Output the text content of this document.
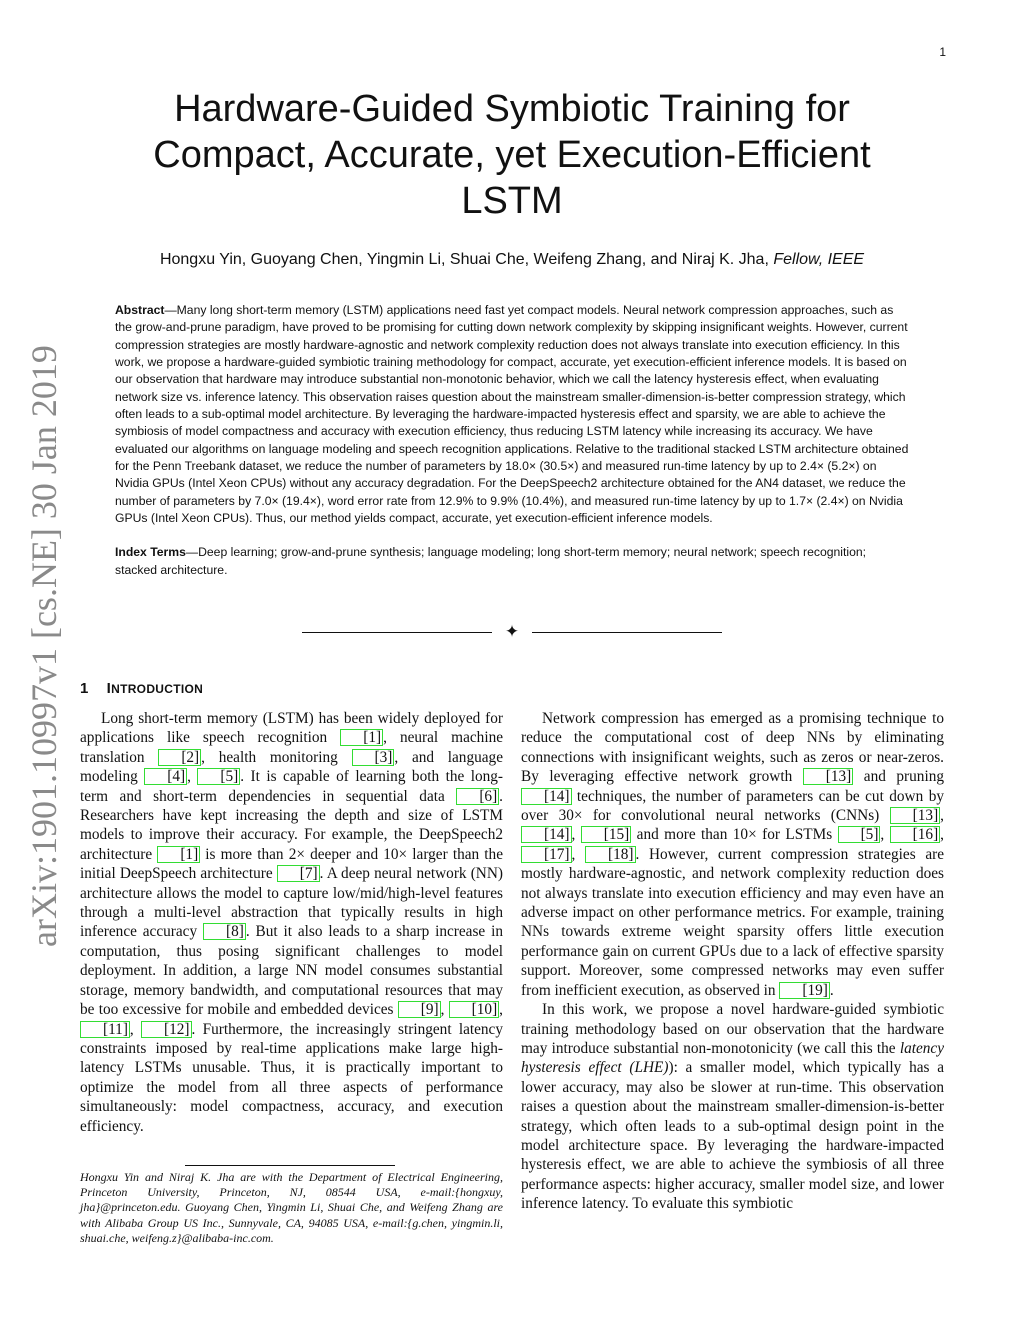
1
arXiv:1901.10997v1 [cs.NE] 30 Jan 2019
Hardware-Guided Symbiotic Training for
Compact, Accurate, yet Execution-Efficient
LSTM
Hongxu Yin, Guoyang Chen, Yingmin Li, Shuai Che, Weifeng Zhang, and Niraj K. Jha, Fellow, IEEE

Abstract—Many long short-term memory (LSTM) applications need fast yet compact models. Neural network compression approaches, such as the grow-and-prune paradigm, have proved to be promising for cutting down network complexity by skipping insignificant weights. However, current compression strategies are mostly hardware-agnostic and network complexity reduction does not always translate into execution efficiency. In this work, we propose a hardware-guided symbiotic training methodology for compact, accurate, yet execution-efficient inference models. It is based on our observation that hardware may introduce substantial non-monotonic behavior, which we call the latency hysteresis effect, when evaluating network size vs. inference latency. This observation raises question about the mainstream smaller-dimension-is-better compression strategy, which often leads to a sub-optimal model architecture. By leveraging the hardware-impacted hysteresis effect and sparsity, we are able to achieve the symbiosis of model compactness and accuracy with execution efficiency, thus reducing LSTM latency while increasing its accuracy. We have evaluated our algorithms on language modeling and speech recognition applications. Relative to the traditional stacked LSTM architecture obtained for the Penn Treebank dataset, we reduce the number of parameters by 18.0× (30.5×) and measured run-time latency by up to 2.4× (5.2×) on Nvidia GPUs (Intel Xeon CPUs) without any accuracy degradation. For the DeepSpeech2 architecture obtained for the AN4 dataset, we reduce the number of parameters by 7.0× (19.4×), word error rate from 12.9% to 9.9% (10.4%), and measured run-time latency by up to 1.7× (2.4×) on Nvidia GPUs (Intel Xeon CPUs). Thus, our method yields compact, accurate, yet execution-efficient inference models.

Index Terms—Deep learning; grow-and-prune synthesis; language modeling; long short-term memory; neural network; speech recognition; stacked architecture.

✦
1 INTRODUCTION

Long short-term memory (LSTM) has been widely deployed for applications like speech recognition [1] , neural machine translation [2] , health monitoring [3] , and language modeling [4] , [5] . It is capable of learning both the long-term and short-term dependencies in sequential data [6] . Researchers have kept increasing the depth and size of LSTM models to improve their accuracy. For example, the DeepSpeech2 architecture [1] is more than 2× deeper and 10× larger than the initial DeepSpeech architecture [7] . A deep neural network (NN) architecture allows the model to capture low/mid/high-level features through a multi-level abstraction that typically results in high inference accuracy [8] . But it also leads to a sharp increase in computation, thus posing significant challenges to model deployment. In addition, a large NN model consumes substantial storage, memory bandwidth, and computational resources that may be too excessive for mobile and embedded devices [9] , [10] , [11] , [12] . Furthermore, the increasingly stringent latency constraints imposed by real-time applications make large high-latency LSTMs unusable. Thus, it is practically important to optimize the model from all three aspects of performance simultaneously: model compactness, accuracy, and execution efficiency.

Hongxu Yin and Niraj K. Jha are with the Department of Electrical Engineering, Princeton University, Princeton, NJ, 08544 USA, e-mail:{hongxuy, jha}@princeton.edu. Guoyang Chen, Yingmin Li, Shuai Che, and Weifeng Zhang are with Alibaba Group US Inc., Sunnyvale, CA, 94085 USA, e-mail:{g.chen, yingmin.li, shuai.che, weifeng.z}@alibaba-inc.com.

Network compression has emerged as a promising technique to reduce the computational cost of deep NNs by eliminating connections with insignificant weights, such as zeros or near-zeros. By leveraging effective network growth [13] and pruning [14] techniques, the number of parameters can be cut down by over 30× for convolutional neural networks (CNNs) [13] , [14] , [15] and more than 10× for LSTMs [5] , [16] , [17] , [18] . However, current compression strategies are mostly hardware-agnostic, and network complexity reduction does not always translate into execution efficiency and may even have an adverse impact on other performance metrics. For example, training NNs towards extreme weight sparsity offers little execution performance gain on current GPUs due to a lack of effective sparsity support. Moreover, some compressed networks may even suffer from inefficient execution, as observed in [19] .

In this work, we propose a novel hardware-guided symbiotic training methodology based on our observation that the hardware may introduce substantial non-monotonicity (we call this the latency hysteresis effect (LHE)): a smaller model, which typically has a lower accuracy, may also be slower at run-time. This observation raises a question about the mainstream smaller-dimension-is-better strategy, which often leads to a sub-optimal design point in the model architecture space. By leveraging the hardware-impacted hysteresis effect, we are able to achieve the symbiosis of all three performance aspects: higher accuracy, smaller model size, and lower inference latency. To evaluate this symbiotic
